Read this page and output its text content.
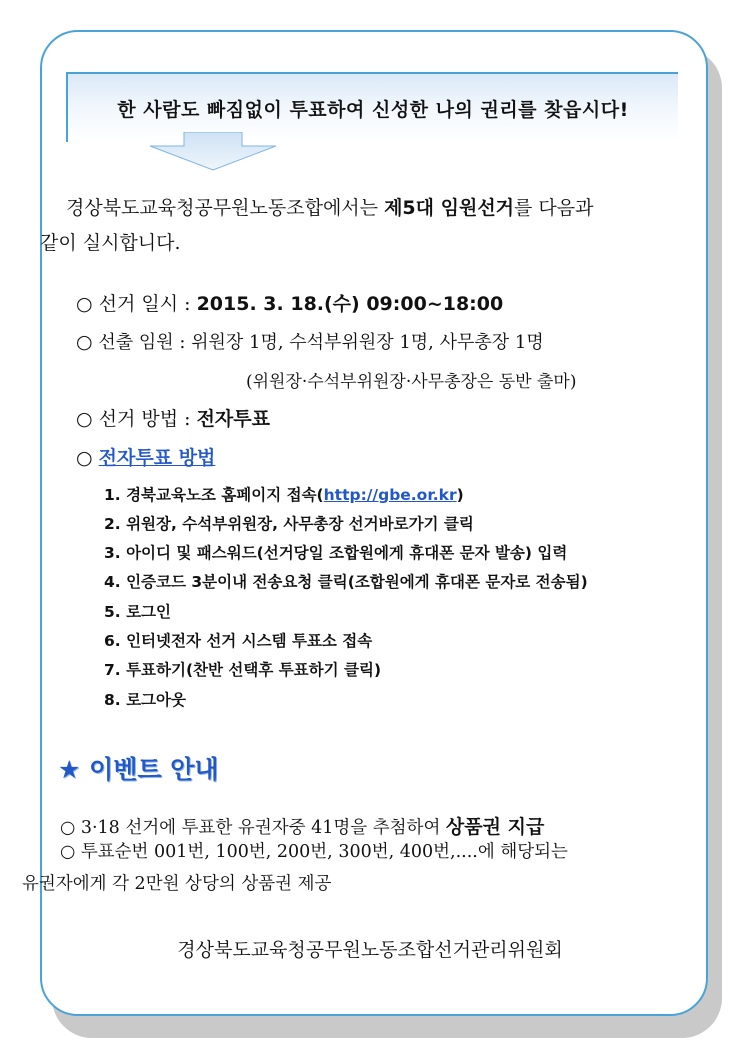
한 사람도 빠짐없이 투표하여 신성한 나의 권리를 찾읍시다!
경상북도교육청공무원노동조합에서는 제5대 임원선거를 다음과
같이 실시합니다.
○ 선거 일시 : 2015. 3. 18.(수) 09:00~18:00
○ 선출 임원 : 위원장 1명, 수석부위원장 1명, 사무총장 1명
(위원장·수석부위원장·사무총장은 동반 출마)
○ 선거 방법 : 전자투표
○ 전자투표 방법
1. 경북교육노조 홈페이지 접속(http://gbe.or.kr)
2. 위원장, 수석부위원장, 사무총장 선거바로가기 클릭
3. 아이디 및 패스워드(선거당일 조합원에게 휴대폰 문자 발송) 입력
4. 인증코드 3분이내 전송요청 클릭(조합원에게 휴대폰 문자로 전송됨)
5. 로그인
6. 인터넷전자 선거 시스템 투표소 접속
7. 투표하기(찬반 선택후 투표하기 클릭)
8. 로그아웃
★ 이벤트 안내
○ 3·18 선거에 투표한 유권자중 41명을 추첨하여 상품권 지급
○ 투표순번 001번, 100번, 200번, 300번, 400번,....에 해당되는
유권자에게 각 2만원 상당의 상품권 제공
경상북도교육청공무원노동조합선거관리위원회
